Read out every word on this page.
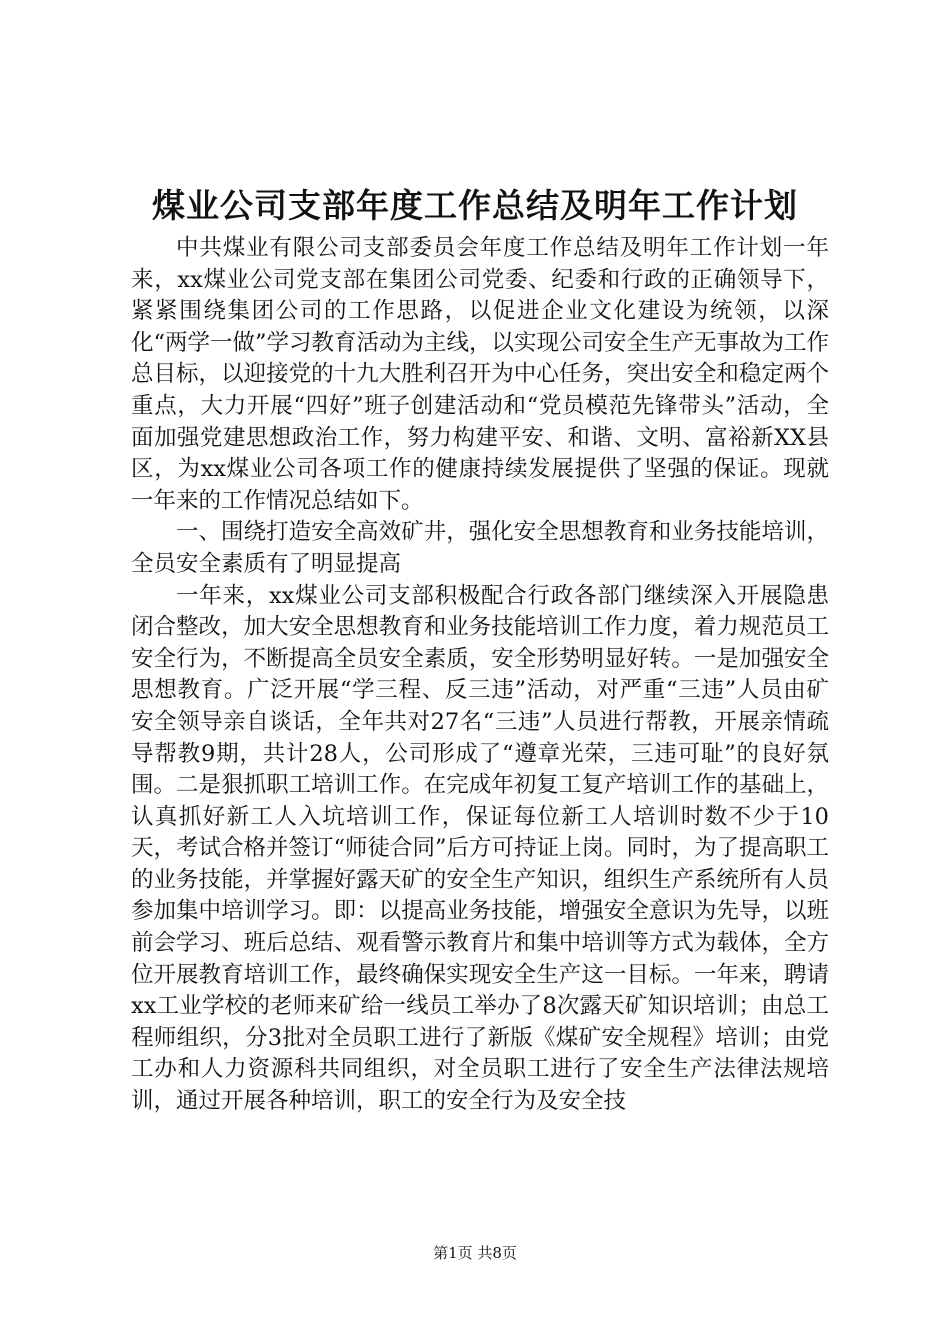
煤业公司支部年度工作总结及明年工作计划

中共煤业有限公司支部委员会年度工作总结及明年工作计划一年来，xx煤业公司党支部在集团公司党委、纪委和行政的正确领导下，紧紧围绕集团公司的工作思路，以促进企业文化建设为统领，以深化“两学一做”学习教育活动为主线，以实现公司安全生产无事故为工作总目标，以迎接党的十九大胜利召开为中心任务，突出安全和稳定两个重点，大力开展“四好”班子创建活动和“党员模范先锋带头”活动，全面加强党建思想政治工作，努力构建平安、和谐、文明、富裕新XX县区，为xx煤业公司各项工作的健康持续发展提供了坚强的保证。现就一年来的工作情况总结如下。

一、围绕打造安全高效矿井，强化安全思想教育和业务技能培训，全员安全素质有了明显提高

一年来，xx煤业公司支部积极配合行政各部门继续深入开展隐患闭合整改，加大安全思想教育和业务技能培训工作力度，着力规范员工安全行为，不断提高全员安全素质，安全形势明显好转。一是加强安全思想教育。广泛开展“学三程、反三违”活动，对严重“三违”人员由矿安全领导亲自谈话，全年共对27名“三违”人员进行帮教，开展亲情疏导帮教9期，共计28人，公司形成了“遵章光荣，三违可耻”的良好氛围。二是狠抓职工培训工作。在完成年初复工复产培训工作的基础上，认真抓好新工人入坑培训工作，保证每位新工人培训时数不少于10天，考试合格并签订“师徒合同”后方可持证上岗。同时，为了提高职工的业务技能，并掌握好露天矿的安全生产知识，组织生产系统所有人员参加集中培训学习。即：以提高业务技能，增强安全意识为先导，以班前会学习、班后总结、观看警示教育片和集中培训等方式为载体，全方位开展教育培训工作，最终确保实现安全生产这一目标。一年来，聘请xx工业学校的老师来矿给一线员工举办了8次露天矿知识培训；由总工程师组织，分3批对全员职工进行了新版《煤矿安全规程》培训；由党工办和人力资源科共同组织，对全员职工进行了安全生产法律法规培训，通过开展各种培训，职工的安全行为及安全技

第1页 共8页
